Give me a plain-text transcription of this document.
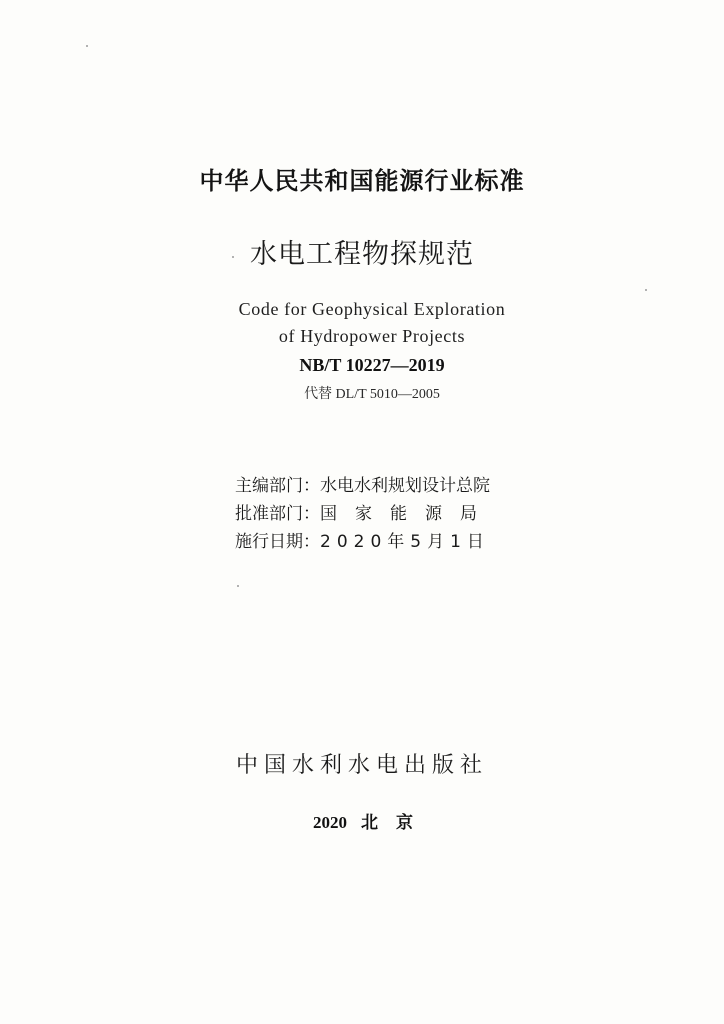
中华人民共和国能源行业标准
水电工程物探规范
Code for Geophysical Exploration
of Hydropower Projects
NB/T 10227—2019
代替 DL/T 5010—2005
主编部门：水电水利规划设计总院
批准部门：国家能源局
施行日期：2020年5月1日
中国水利水电出版社
2020 北京
